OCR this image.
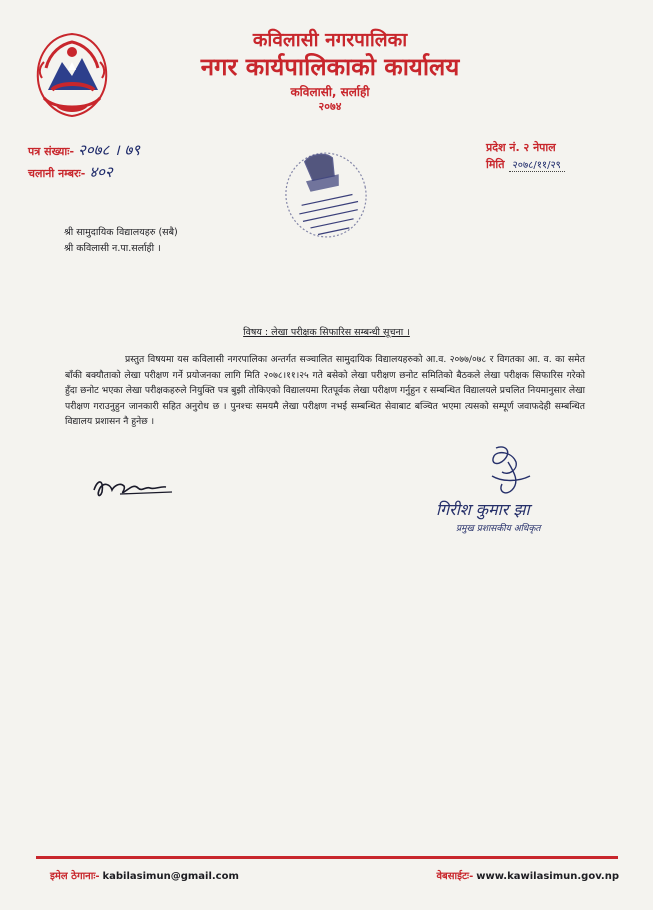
कविलासी नगरपालिका
नगर कार्यपालिकाको कार्यालय
कविलासी, सर्लाही
२०७४
पत्र संख्याः- २०७८ । ७९
चलानी नम्बरः- ४०२
प्रदेश नं. २ नेपाल
मिति २०७८/११/२९
श्री सामुदायिक विद्यालयहरु (सबै)
श्री कविलासी न.पा.सर्लाही ।
विषय : लेखा परीक्षक सिफारिस सम्बन्धी सूचना ।
प्रस्तुत विषयमा यस कविलासी नगरपालिका अन्तर्गत सञ्चालित सामुदायिक विद्यालयहरुको आ.व. २०७७/०७८ र विगतका आ. व. का समेत बाँकी बक्यौताको लेखा परीक्षण गर्ने प्रयोजनका लागि मिति २०७८।११।२५ गते बसेको लेखा परीक्षण छनोट समितिको बैठकले लेखा परीक्षक सिफारिस गरेको हुँदा छनोट भएका लेखा परीक्षकहरुले नियुक्ति पत्र बुझी तोकिएको विद्यालयमा रितपूर्वक लेखा परीक्षण गर्नुहुन र सम्बन्धित विद्यालयले प्रचलित नियमानुसार लेखा परीक्षण गराउनुहुन जानकारी सहित अनुरोध छ । पुनश्चः समयमै लेखा परीक्षण नभई सम्बन्धित सेवाबाट बञ्चित भएमा त्यसको सम्पूर्ण जवाफदेही सम्बन्धित विद्यालय प्रशासन नै हुनेछ ।
गिरीश कुमार झा
प्रमुख प्रशासकीय अधिकृत
इमेल ठेगानाः- kabilasimun@gmail.com	वेबसाईटः- www.kawilasimun.gov.np
